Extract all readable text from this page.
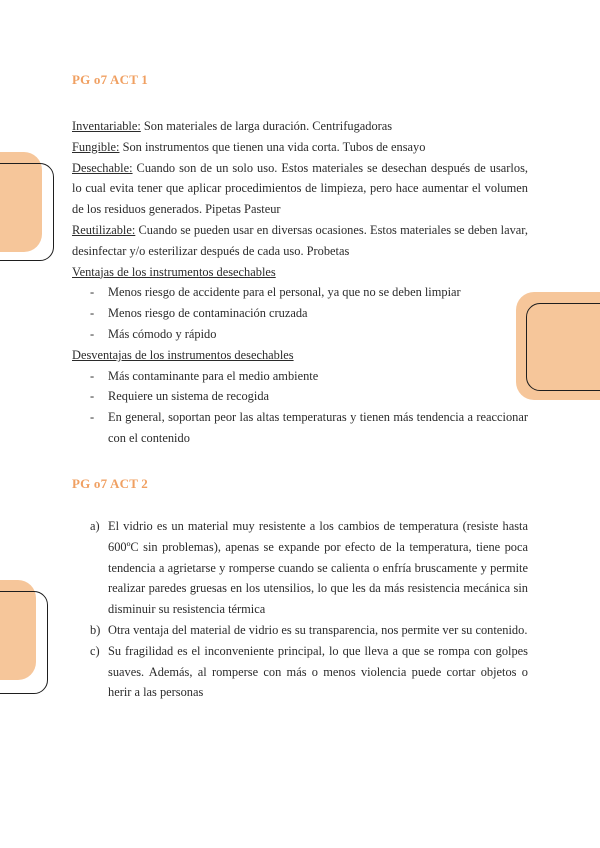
PG o7 ACT 1

Inventariable: Son materiales de larga duración. Centrifugadoras

Fungible: Son instrumentos que tienen una vida corta. Tubos de ensayo

Desechable: Cuando son de un solo uso. Estos materiales se desechan después de usarlos, lo cual evita tener que aplicar procedimientos de limpieza, pero hace aumentar el volumen de los residuos generados. Pipetas Pasteur

Reutilizable: Cuando se pueden usar en diversas ocasiones. Estos materiales se deben lavar, desinfectar y/o esterilizar después de cada uso. Probetas

Ventajas de los instrumentos desechables

- Menos riesgo de accidente para el personal, ya que no se deben limpiar
- Menos riesgo de contaminación cruzada
- Más cómodo y rápido

Desventajas de los instrumentos desechables

- Más contaminante para el medio ambiente
- Requiere un sistema de recogida
- En general, soportan peor las altas temperaturas y tienen más tendencia a reaccionar con el contenido
PG o7 ACT 2
a) El vidrio es un material muy resistente a los cambios de temperatura (resiste hasta 600ºC sin problemas), apenas se expande por efecto de la temperatura, tiene poca tendencia a agrietarse y romperse cuando se calienta o enfría bruscamente y permite realizar paredes gruesas en los utensilios, lo que les da más resistencia mecánica sin disminuir su resistencia térmica
b) Otra ventaja del material de vidrio es su transparencia, nos permite ver su contenido.
c) Su fragilidad es el inconveniente principal, lo que lleva a que se rompa con golpes suaves. Además, al romperse con más o menos violencia puede cortar objetos o herir a las personas
